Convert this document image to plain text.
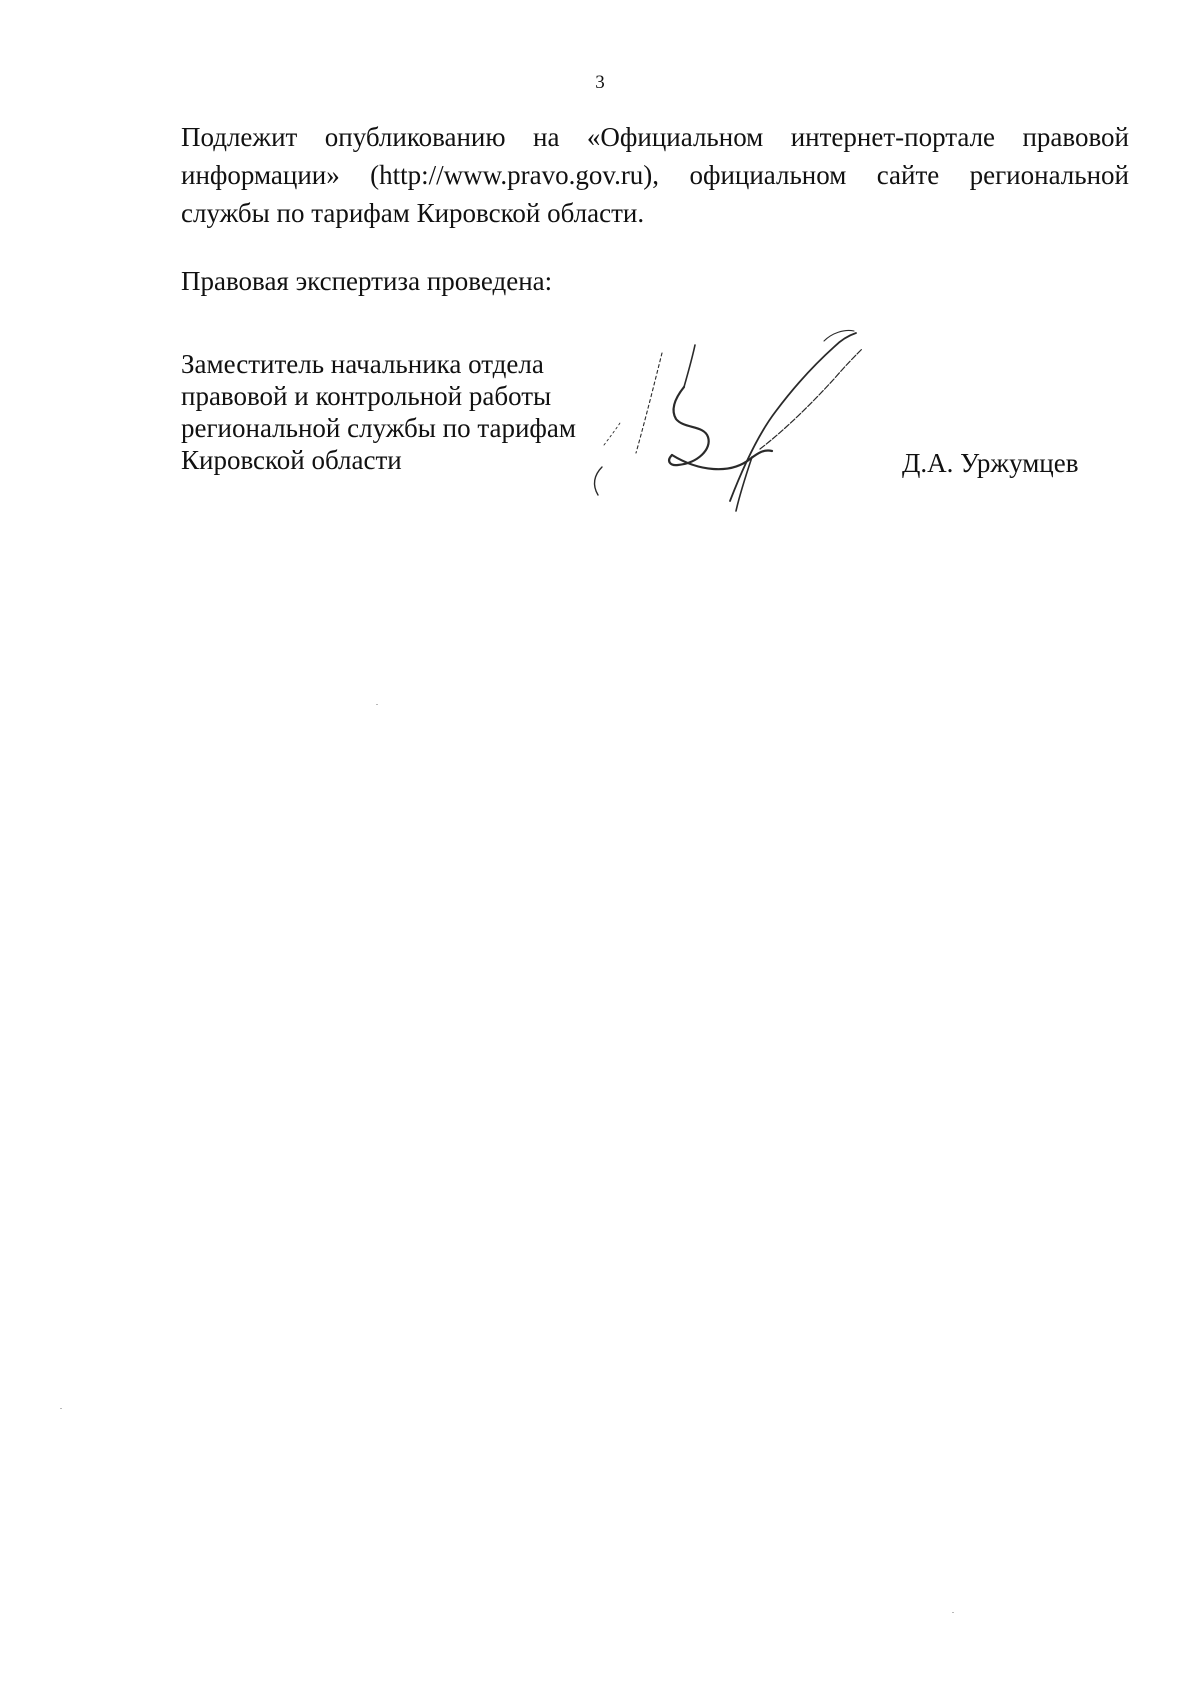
3
Подлежит опубликованию на «Официальном интернет-портале правовой
информации» (http://www.pravo.gov.ru), официальном сайте региональной
службы по тарифам Кировской области.
Правовая экспертиза проведена:
Заместитель начальника отдела
правовой и контрольной работы
региональной службы по тарифам
Кировской области	Д.А. Уржумцев
